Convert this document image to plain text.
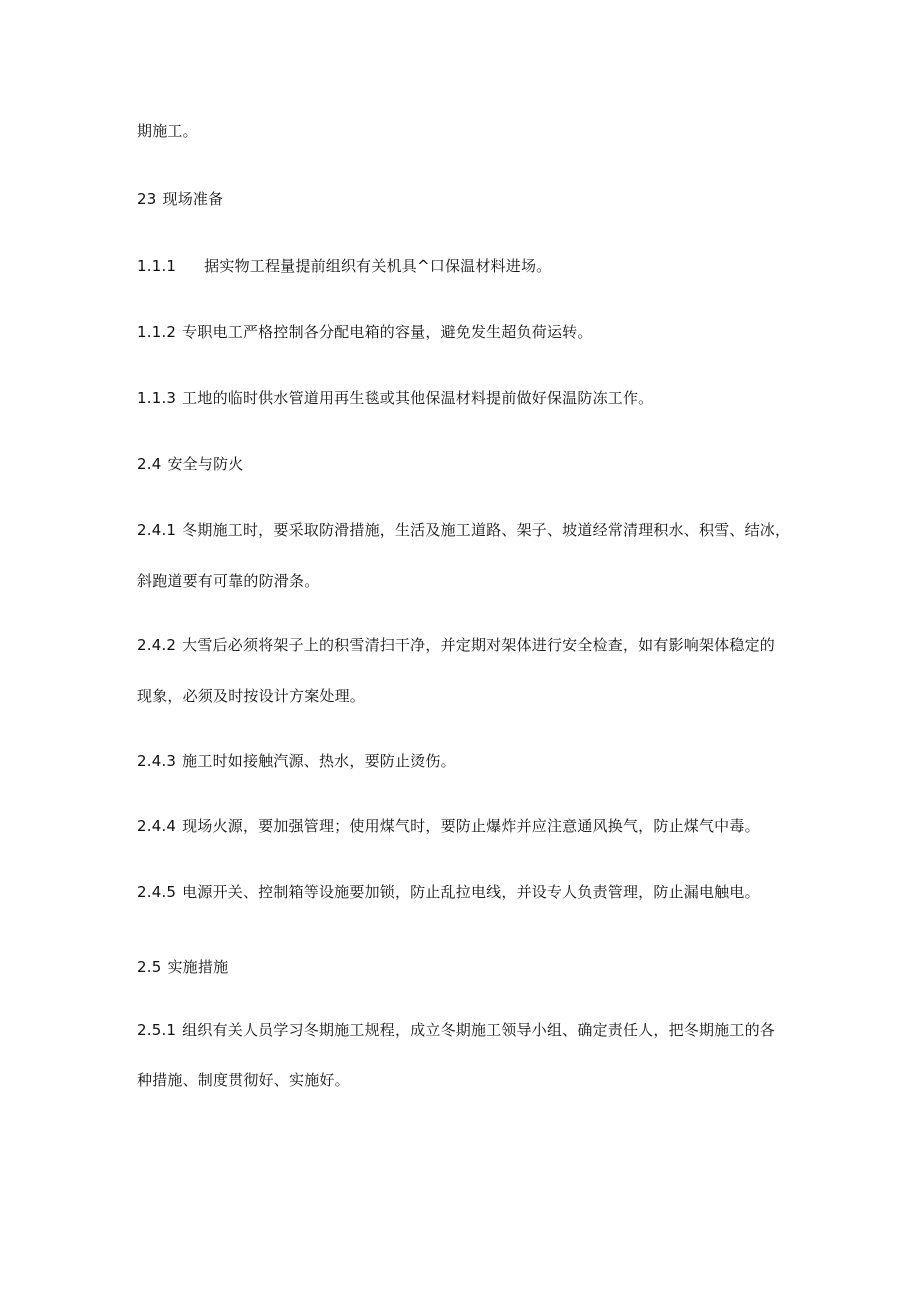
期施工。
23 现场准备
1.1.1 据实物工程量提前组织有关机具^口保温材料进场。
1.1.2 专职电工严格控制各分配电箱的容量，避免发生超负荷运转。
1.1.3 工地的临时供水管道用再生毯或其他保温材料提前做好保温防冻工作。
2.4 安全与防火
2.4.1 冬期施工时，要采取防滑措施，生活及施工道路、架子、坡道经常清理积水、积雪、结冰，
斜跑道要有可靠的防滑条。
2.4.2 大雪后必须将架子上的积雪清扫干净，并定期对架体进行安全检查，如有影响架体稳定的
现象，必须及时按设计方案处理。
2.4.3 施工时如接触汽源、热水，要防止烫伤。
2.4.4 现场火源，要加强管理；使用煤气时，要防止爆炸并应注意通风换气，防止煤气中毒。
2.4.5 电源开关、控制箱等设施要加锁，防止乱拉电线，并设专人负责管理，防止漏电触电。
2.5 实施措施
2.5.1 组织有关人员学习冬期施工规程，成立冬期施工领导小组、确定责任人，把冬期施工的各
种措施、制度贯彻好、实施好。
